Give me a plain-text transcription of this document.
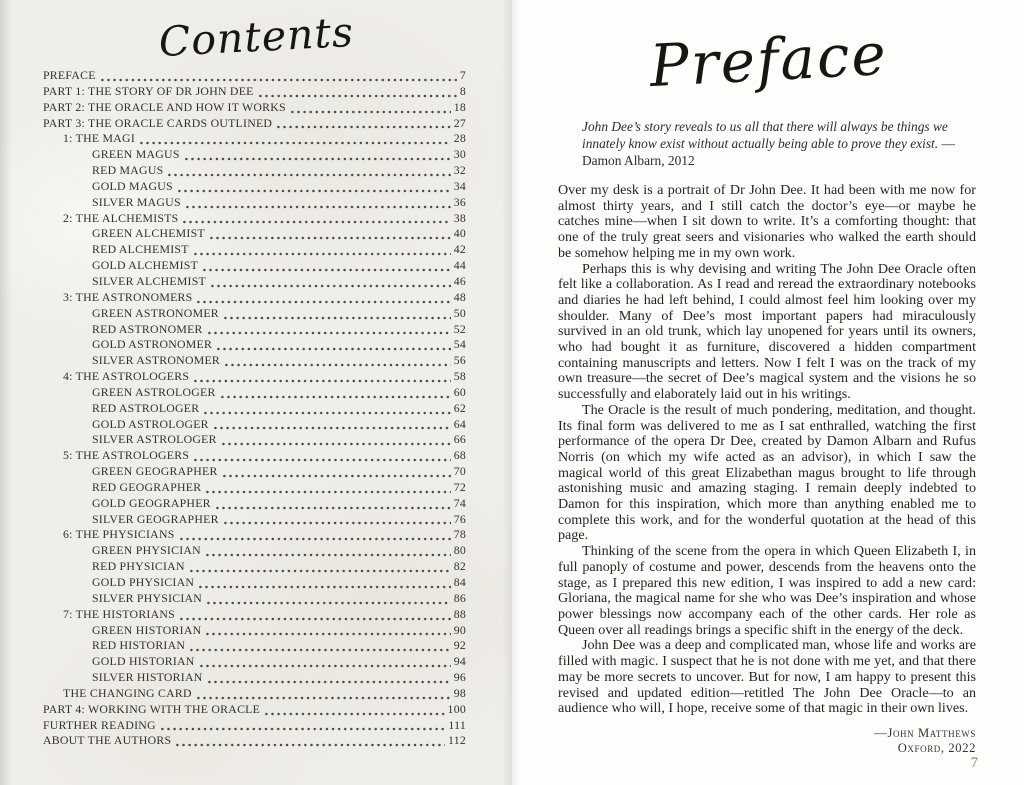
Contents
PREFACE	7
PART 1: THE STORY OF DR JOHN DEE	8
PART 2: THE ORACLE AND HOW IT WORKS	18
PART 3: THE ORACLE CARDS OUTLINED	27
1: THE MAGI	28
GREEN MAGUS	30
RED MAGUS	32
GOLD MAGUS	34
SILVER MAGUS	36
2: THE ALCHEMISTS	38
GREEN ALCHEMIST	40
RED ALCHEMIST	42
GOLD ALCHEMIST	44
SILVER ALCHEMIST	46
3: THE ASTRONOMERS	48
GREEN ASTRONOMER	50
RED ASTRONOMER	52
GOLD ASTRONOMER	54
SILVER ASTRONOMER	56
4: THE ASTROLOGERS	58
GREEN ASTROLOGER	60
RED ASTROLOGER	62
GOLD ASTROLOGER	64
SILVER ASTROLOGER	66
5: THE ASTROLOGERS	68
GREEN GEOGRAPHER	70
RED GEOGRAPHER	72
GOLD GEOGRAPHER	74
SILVER GEOGRAPHER	76
6: THE PHYSICIANS	78
GREEN PHYSICIAN	80
RED PHYSICIAN	82
GOLD PHYSICIAN	84
SILVER PHYSICIAN	86
7: THE HISTORIANS	88
GREEN HISTORIAN	90
RED HISTORIAN	92
GOLD HISTORIAN	94
SILVER HISTORIAN	96
THE CHANGING CARD	98
PART 4: WORKING WITH THE ORACLE	100
FURTHER READING	111
ABOUT THE AUTHORS	112
Preface
John Dee’s story reveals to us all that there will always be things we innately know exist without actually being able to prove they exist. —Damon Albarn, 2012

Over my desk is a portrait of Dr John Dee. It had been with me now for almost thirty years, and I still catch the doctor’s eye—or maybe he catches mine—when I sit down to write. It’s a comforting thought: that one of the truly great seers and visionaries who walked the earth should be somehow helping me in my own work.

Perhaps this is why devising and writing The John Dee Oracle often felt like a collaboration. As I read and reread the extraordinary notebooks and diaries he had left behind, I could almost feel him looking over my shoulder. Many of Dee’s most important papers had miraculously survived in an old trunk, which lay unopened for years until its owners, who had bought it as furniture, discovered a hidden compartment containing manuscripts and letters. Now I felt I was on the track of my own treasure—the secret of Dee’s magical system and the visions he so successfully and elaborately laid out in his writings.

The Oracle is the result of much pondering, meditation, and thought. Its final form was delivered to me as I sat enthralled, watching the first performance of the opera Dr Dee, created by Damon Albarn and Rufus Norris (on which my wife acted as an advisor), in which I saw the magical world of this great Elizabethan magus brought to life through astonishing music and amazing staging. I remain deeply indebted to Damon for this inspiration, which more than anything enabled me to complete this work, and for the wonderful quotation at the head of this page.

Thinking of the scene from the opera in which Queen Elizabeth I, in full panoply of costume and power, descends from the heavens onto the stage, as I prepared this new edition, I was inspired to add a new card: Gloriana, the magical name for she who was Dee’s inspiration and whose power blessings now accompany each of the other cards. Her role as Queen over all readings brings a specific shift in the energy of the deck.

John Dee was a deep and complicated man, whose life and works are filled with magic. I suspect that he is not done with me yet, and that there may be more secrets to uncover. But for now, I am happy to present this revised and updated edition—retitled The John Dee Oracle—to an audience who will, I hope, receive some of that magic in their own lives.

—John Matthews
Oxford, 2022
7
